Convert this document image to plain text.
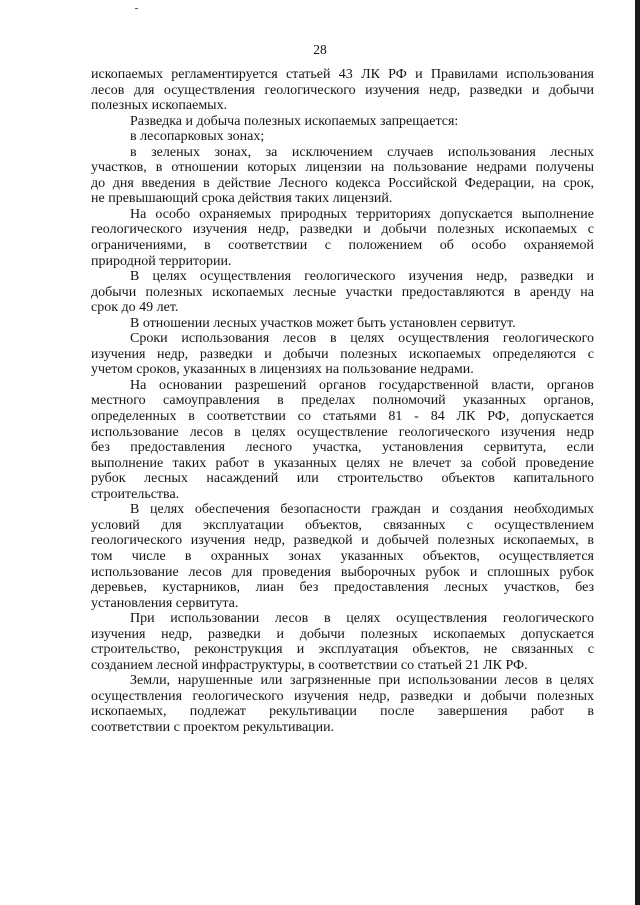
28

ископаемых регламентируется статьей 43 ЛК РФ и Правилами использования
лесов для осуществления геологического изучения недр, разведки и добычи
полезных ископаемых.

Разведка и добыча полезных ископаемых запрещается:

в лесопарковых зонах;

в зеленых зонах, за исключением случаев использования лесных
участков, в отношении которых лицензии на пользование недрами получены
до дня введения в действие Лесного кодекса Российской Федерации, на срок,
не превышающий срока действия таких лицензий.

На особо охраняемых природных территориях допускается выполнение
геологического изучения недр, разведки и добычи полезных ископаемых с
ограничениями, в соответствии с положением об особо охраняемой
природной территории.

В целях осуществления геологического изучения недр, разведки и
добычи полезных ископаемых лесные участки предоставляются в аренду на
срок до 49 лет.

В отношении лесных участков может быть установлен сервитут.

Сроки использования лесов в целях осуществления геологического
изучения недр, разведки и добычи полезных ископаемых определяются с
учетом сроков, указанных в лицензиях на пользование недрами.

На основании разрешений органов государственной власти, органов
местного самоуправления в пределах полномочий указанных органов,
определенных в соответствии со статьями 81 - 84 ЛК РФ, допускается
использование лесов в целях осуществление геологического изучения недр
без предоставления лесного участка, установления сервитута, если
выполнение таких работ в указанных целях не влечет за собой проведение
рубок лесных насаждений или строительство объектов капитального
строительства.

В целях обеспечения безопасности граждан и создания необходимых
условий для эксплуатации объектов, связанных с осуществлением
геологического изучения недр, разведкой и добычей полезных ископаемых, в
том числе в охранных зонах указанных объектов, осуществляется
использование лесов для проведения выборочных рубок и сплошных рубок
деревьев, кустарников, лиан без предоставления лесных участков, без
установления сервитута.

При использовании лесов в целях осуществления геологического
изучения недр, разведки и добычи полезных ископаемых допускается
строительство, реконструкция и эксплуатация объектов, не связанных с
созданием лесной инфраструктуры, в соответствии со статьей 21 ЛК РФ.

Земли, нарушенные или загрязненные при использовании лесов в целях
осуществления геологического изучения недр, разведки и добычи полезных
ископаемых, подлежат рекультивации после завершения работ в
соответствии с проектом рекультивации.
